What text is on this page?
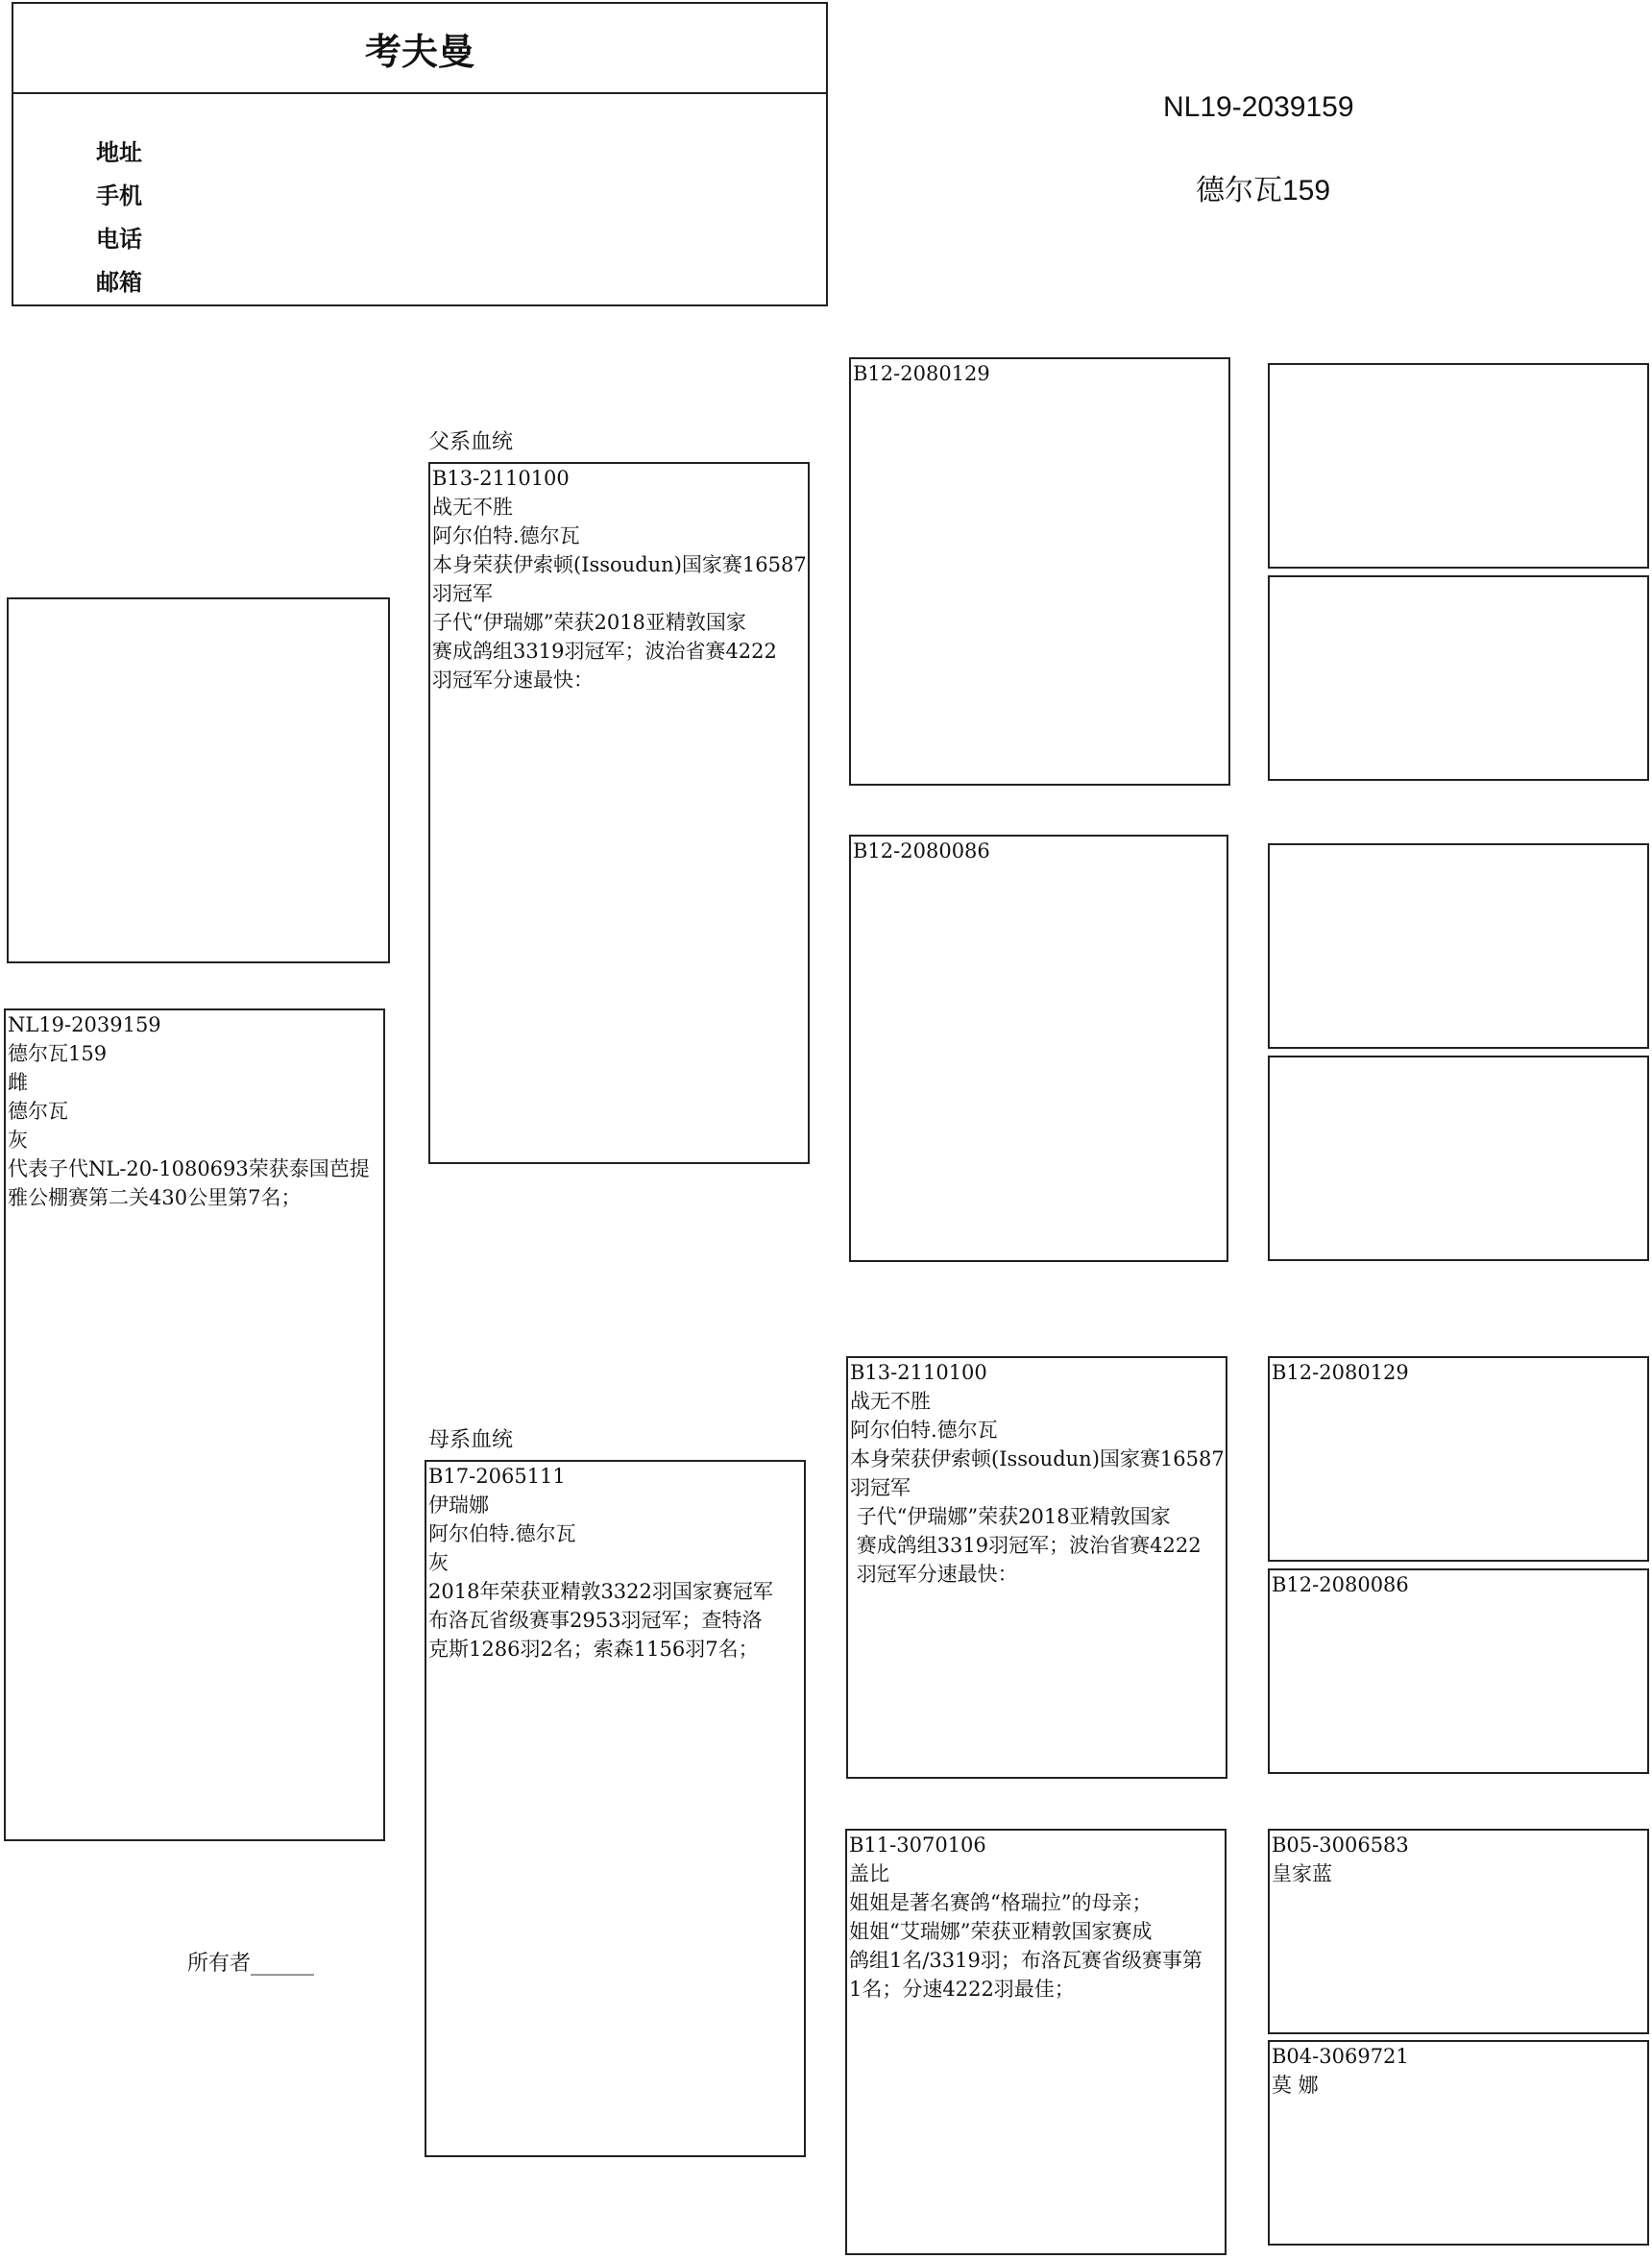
考夫曼
地址
手机
电话
邮箱
NL19-2039159
德尔瓦159
NL19-2039159
德尔瓦159
雌
德尔瓦
灰
代表子代NL-20-1080693荣获泰国芭提
雅公棚赛第二关430公里第7名；
所有者______
父系血统
母系血统
B13-2110100
战无不胜
阿尔伯特.德尔瓦
本身荣获伊索顿(Issoudun)国家赛16587
羽冠军
子代“伊瑞娜”荣获2018亚精敦国家
赛成鸽组3319羽冠军；波治省赛4222
羽冠军分速最快：
B17-2065111
伊瑞娜
阿尔伯特.德尔瓦
灰
2018年荣获亚精敦3322羽国家赛冠军
布洛瓦省级赛事2953羽冠军；查特洛
克斯1286羽2名；索森1156羽7名；
B12-2080129
B12-2080086
B13-2110100
战无不胜
阿尔伯特.德尔瓦
本身荣获伊索顿(Issoudun)国家赛16587
羽冠军
子代“伊瑞娜”荣获2018亚精敦国家
赛成鸽组3319羽冠军；波治省赛4222
羽冠军分速最快：
B11-3070106
盖比
姐姐是著名赛鸽“格瑞拉”的母亲；
姐姐“艾瑞娜”荣获亚精敦国家赛成
鸽组1名/3319羽；布洛瓦赛省级赛事第
1名；分速4222羽最佳；
B12-2080129
B12-2080086
B05-3006583
皇家蓝
B04-3069721
莫 娜
